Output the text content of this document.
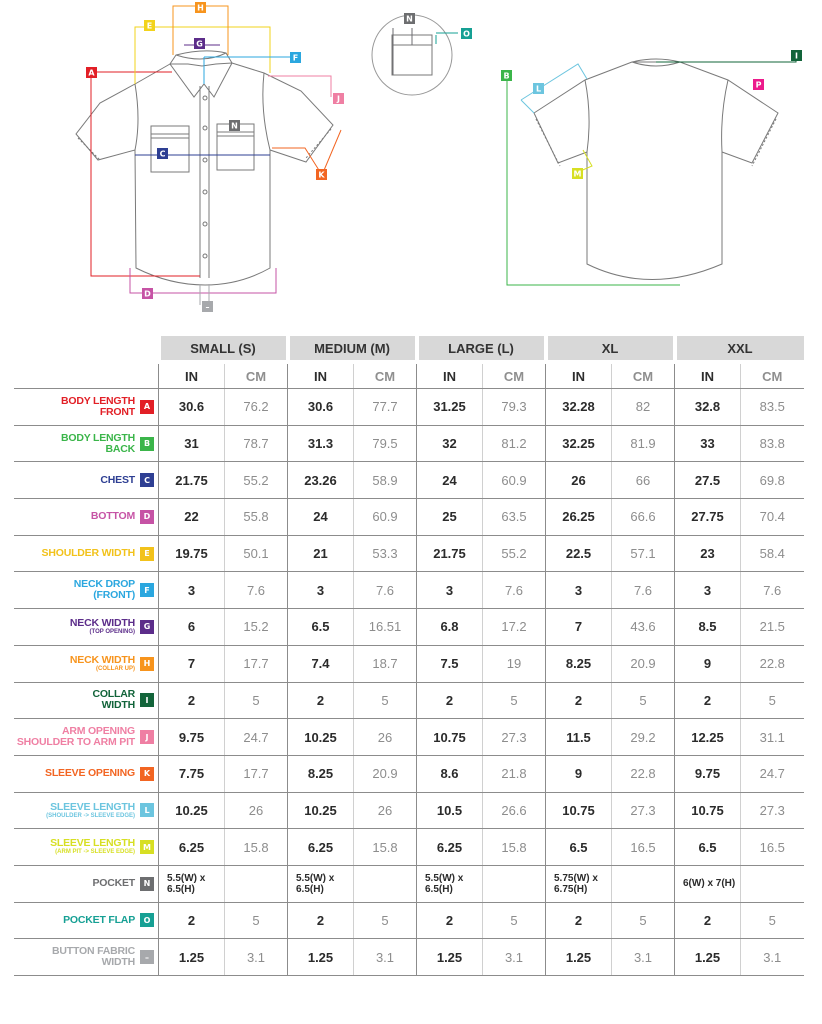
A
E
H
G
F
J
N
C
K
D
–
N
O
B
L
I
P
M
	SMALL (S)		MEDIUM (M)		LARGE (L)		XL		XXL	

	IN	CM	IN	CM	IN	CM	IN	CM	IN	CM

BODY LENGTH
FRONT A	30.6	76.2	30.6	77.7	31.25	79.3	32.28	82	32.8	83.5

BODY LENGTH
BACK B	31	78.7	31.3	79.5	32	81.2	32.25	81.9	33	83.8

CHEST C	21.75	55.2	23.26	58.9	24	60.9	26	66	27.5	69.8

BOTTOM D	22	55.8	24	60.9	25	63.5	26.25	66.6	27.75	70.4

SHOULDER WIDTH E	19.75	50.1	21	53.3	21.75	55.2	22.5	57.1	23	58.4

NECK DROP
(FRONT) F	3	7.6	3	7.6	3	7.6	3	7.6	3	7.6

NECK WIDTH
(TOP OPENING)
G	6	15.2	6.5	16.51	6.8	17.2	7	43.6	8.5	21.5

NECK WIDTH
(COLLAR UP)
H	7	17.7	7.4	18.7	7.5	19	8.25	20.9	9	22.8

COLLAR
WIDTH I	2	5	2	5	2	5	2	5	2	5

ARM OPENING
SHOULDER TO ARM PIT J	9.75	24.7	10.25	26	10.75	27.3	11.5	29.2	12.25	31.1

SLEEVE OPENING K	7.75	17.7	8.25	20.9	8.6	21.8	9	22.8	9.75	24.7

SLEEVE LENGTH
(SHOULDER -> SLEEVE EDGE)
L	10.25	26	10.25	26	10.5	26.6	10.75	27.3	10.75	27.3

SLEEVE LENGTH
(ARM PIT -> SLEEVE EDGE)
M	6.25	15.8	6.25	15.8	6.25	15.8	6.5	16.5	6.5	16.5

POCKET N	5.5(W) x 6.5(H)		5.5(W) x 6.5(H)		5.5(W) x 6.5(H)		5.75(W) x 6.75(H)		6(W) x 7(H)	

POCKET FLAP O	2	5	2	5	2	5	2	5	2	5

BUTTON FABRIC
WIDTH –	1.25	3.1	1.25	3.1	1.25	3.1	1.25	3.1	1.25	3.1
